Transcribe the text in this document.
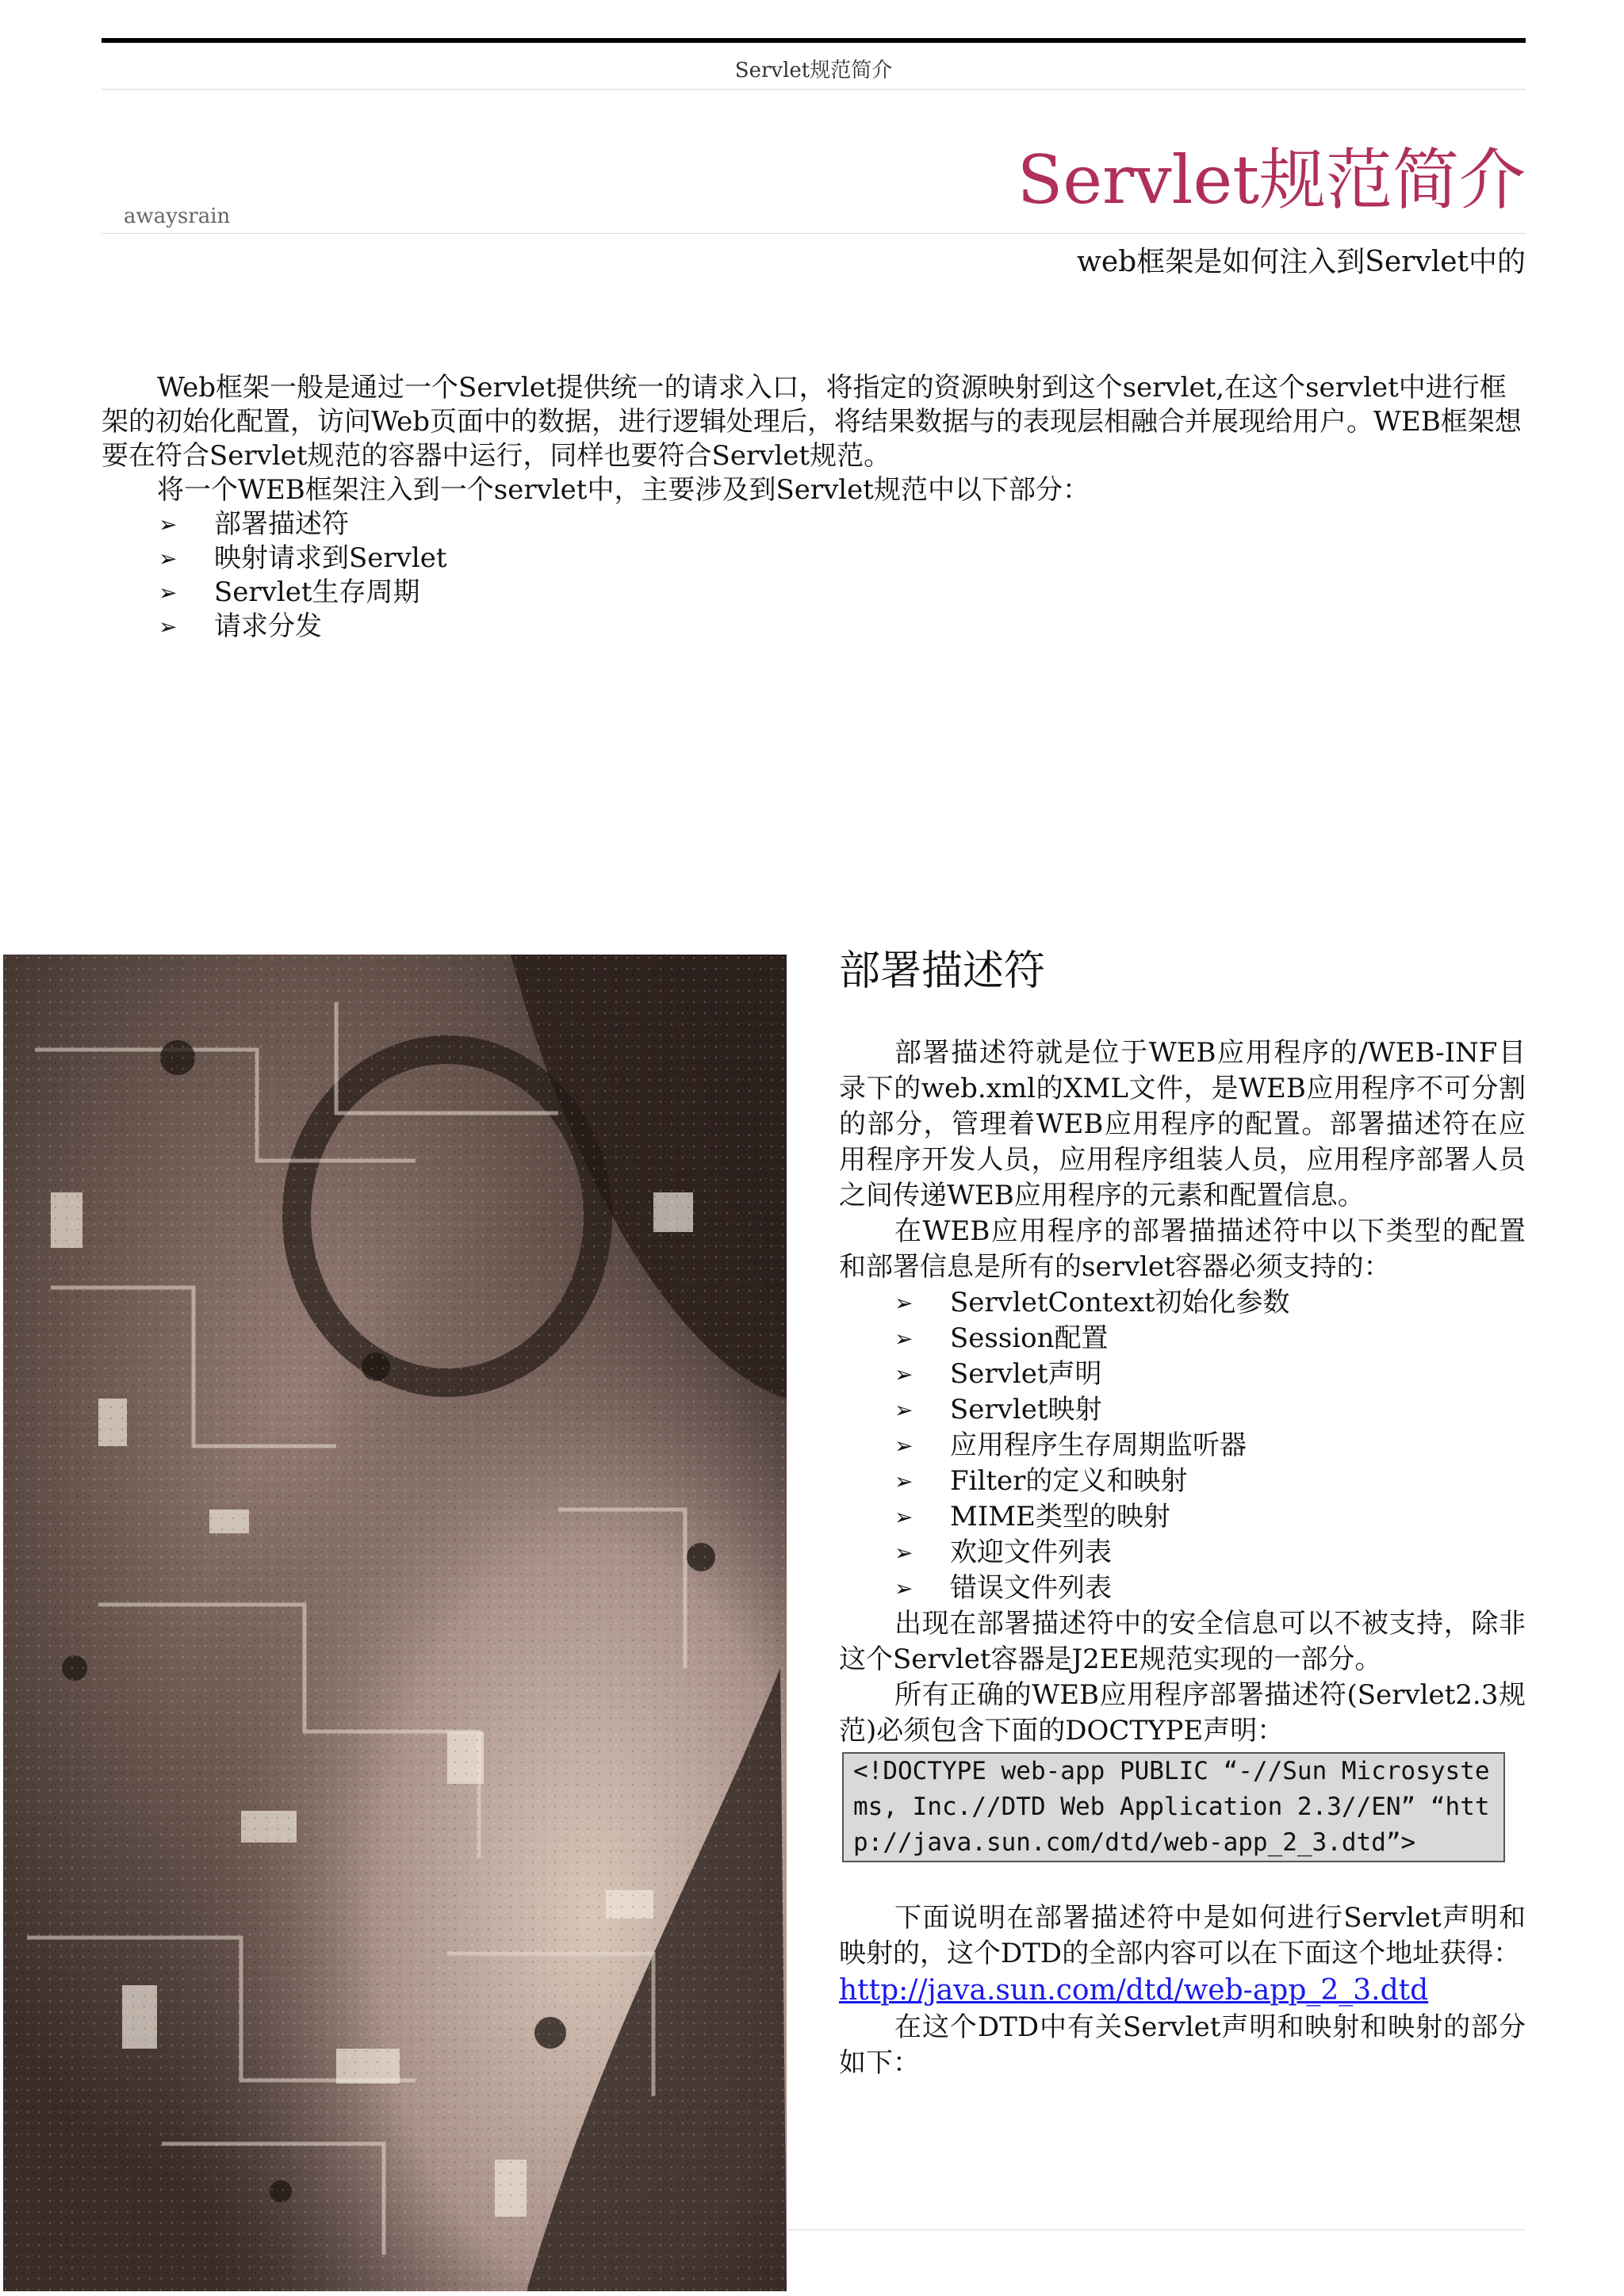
Servlet规范简介
Servlet规范简介
awaysrain
web框架是如何注入到Servlet中的

Web框架一般是通过一个Servlet提供统一的请求入口，将指定的资源映射到这个servlet,在这个servlet中进行框架的初始化配置，访问Web页面中的数据，进行逻辑处理后，将结果数据与的表现层相融合并展现给用户。WEB框架想要在符合Servlet规范的容器中运行，同样也要符合Servlet规范。

将一个WEB框架注入到一个servlet中，主要涉及到Servlet规范中以下部分：

➢	部署描述符
➢	映射请求到Servlet
➢	Servlet生存周期
➢	请求分发
部署描述符

部署描述符就是位于WEB应用程序的/WEB-INF目录下的web.xml的XML文件，是WEB应用程序不可分割的部分，管理着WEB应用程序的配置。部署描述符在应用程序开发人员，应用程序组装人员，应用程序部署人员之间传递WEB应用程序的元素和配置信息。

在WEB应用程序的部署描描述符中以下类型的配置和部署信息是所有的servlet容器必须支持的：

➢	ServletContext初始化参数
➢	Session配置
➢	Servlet声明
➢	Servlet映射
➢	应用程序生存周期监听器
➢	Filter的定义和映射
➢	MIME类型的映射
➢	欢迎文件列表
➢	错误文件列表

出现在部署描述符中的安全信息可以不被支持，除非这个Servlet容器是J2EE规范实现的一部分。

所有正确的WEB应用程序部署描述符(Servlet2.3规范)必须包含下面的DOCTYPE声明：

<!DOCTYPE web-app PUBLIC “-//Sun Microsystems, Inc.//DTD Web Application 2.3//EN” “http://java.sun.com/dtd/web-app_2_3.dtd”>

下面说明在部署描述符中是如何进行Servlet声明和映射的，这个DTD的全部内容可以在下面这个地址获得：

http://java.sun.com/dtd/web-app_2_3.dtd

在这个DTD中有关Servlet声明和映射和映射的部分如下：
